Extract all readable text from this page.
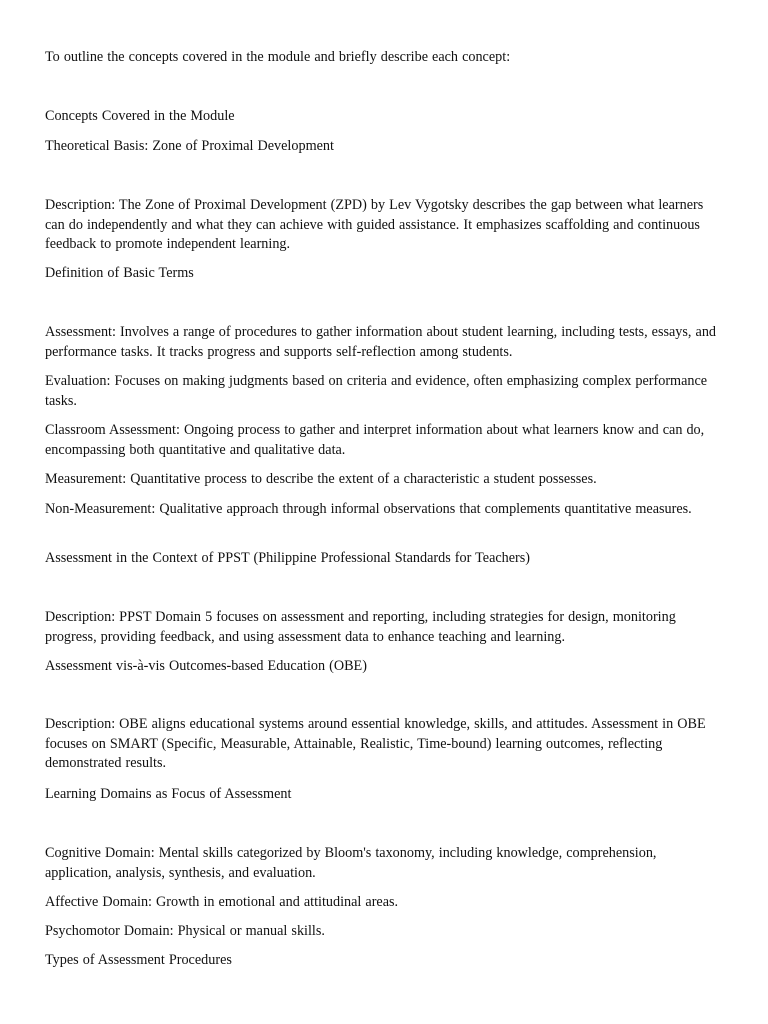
To outline the concepts covered in the module and briefly describe each concept:

Concepts Covered in the Module

Theoretical Basis: Zone of Proximal Development

Description: The Zone of Proximal Development (ZPD) by Lev Vygotsky describes the gap between what learners can do independently and what they can achieve with guided assistance. It emphasizes scaffolding and continuous feedback to promote independent learning.

Definition of Basic Terms

Assessment: Involves a range of procedures to gather information about student learning, including tests, essays, and performance tasks. It tracks progress and supports self-reflection among students.

Evaluation: Focuses on making judgments based on criteria and evidence, often emphasizing complex performance tasks.

Classroom Assessment: Ongoing process to gather and interpret information about what learners know and can do, encompassing both quantitative and qualitative data.

Measurement: Quantitative process to describe the extent of a characteristic a student possesses.

Non-Measurement: Qualitative approach through informal observations that complements quantitative measures.

Assessment in the Context of PPST (Philippine Professional Standards for Teachers)

Description: PPST Domain 5 focuses on assessment and reporting, including strategies for design, monitoring progress, providing feedback, and using assessment data to enhance teaching and learning.

Assessment vis-à-vis Outcomes-based Education (OBE)

Description: OBE aligns educational systems around essential knowledge, skills, and attitudes. Assessment in OBE focuses on SMART (Specific, Measurable, Attainable, Realistic, Time-bound) learning outcomes, reflecting demonstrated results.

Learning Domains as Focus of Assessment

Cognitive Domain: Mental skills categorized by Bloom's taxonomy, including knowledge, comprehension, application, analysis, synthesis, and evaluation.

Affective Domain: Growth in emotional and attitudinal areas.

Psychomotor Domain: Physical or manual skills.

Types of Assessment Procedures
